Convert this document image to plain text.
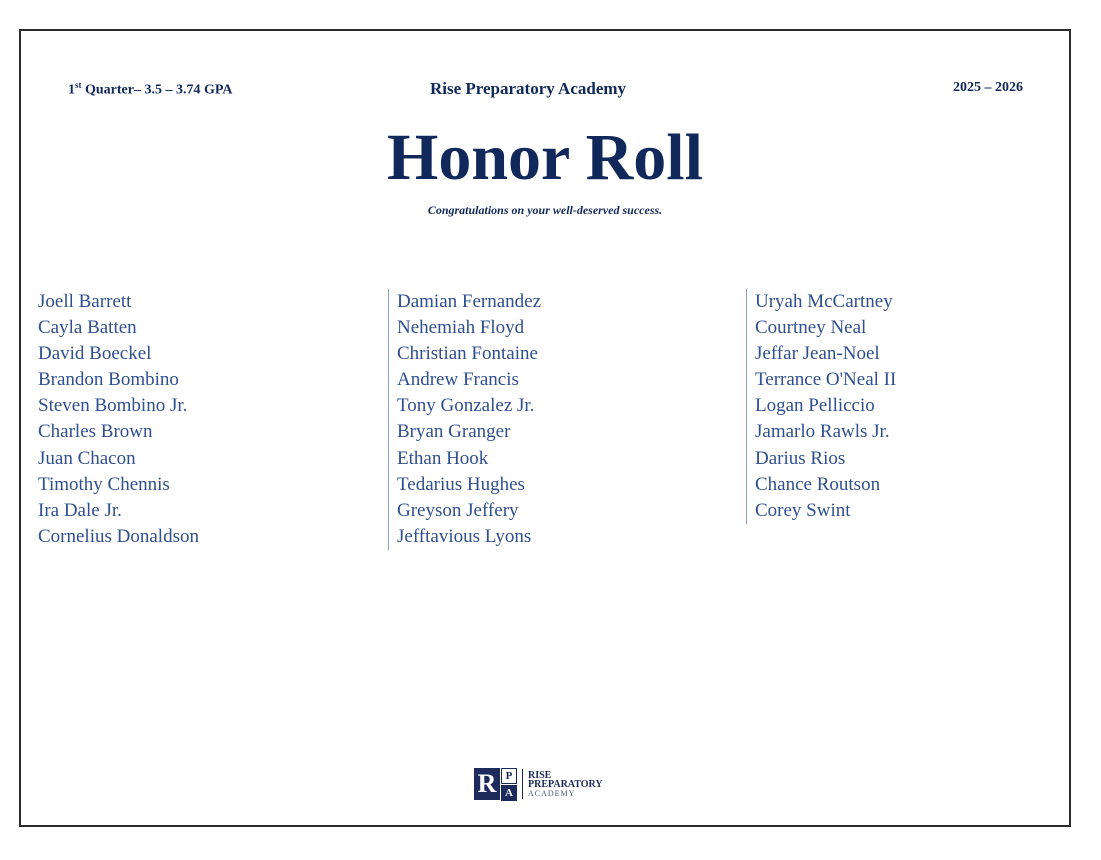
1st Quarter– 3.5 – 3.74 GPA	Rise Preparatory Academy	2025 – 2026
Honor Roll
Congratulations on your well-deserved success.
Joell Barrett
Cayla Batten
David Boeckel
Brandon Bombino
Steven Bombino Jr.
Charles Brown
Juan Chacon
Timothy Chennis
Ira Dale Jr.
Cornelius Donaldson
Damian Fernandez
Nehemiah Floyd
Christian Fontaine
Andrew Francis
Tony Gonzalez Jr.
Bryan Granger
Ethan Hook
Tedarius Hughes
Greyson Jeffery
Jefftavious Lyons
Uryah McCartney
Courtney Neal
Jeffar Jean-Noel
Terrance O'Neal II
Logan Pelliccio
Jamarlo Rawls Jr.
Darius Rios
Chance Routson
Corey Swint
R P
A
RISE
PREPARATORY
ACADEMY
